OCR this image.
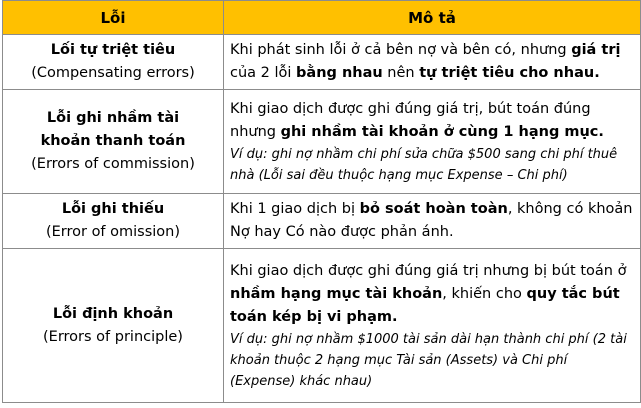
Lỗi	Mô tả

Lối tự triệt tiêu
(Compensating errors)	Khi phát sinh lỗi ở cả bên nợ và bên có, nhưng giá trị của 2 lỗi bằng nhau nên tự triệt tiêu cho nhau.

Lỗi ghi nhầm tài khoản thanh toán
(Errors of commission)	Khi giao dịch được ghi đúng giá trị, bút toán đúng nhưng ghi nhầm tài khoản ở cùng 1 hạng mục.
Ví dụ: ghi nợ nhầm chi phí sửa chữa $500 sang chi phí thuê nhà (Lỗi sai đều thuộc hạng mục Expense – Chi phí)

Lỗi ghi thiếu
(Error of omission)	Khi 1 giao dịch bị bỏ soát hoàn toàn, không có khoản Nợ hay Có nào được phản ánh.

Lỗi định khoản
(Errors of principle)	Khi giao dịch được ghi đúng giá trị nhưng bị bút toán ở nhầm hạng mục tài khoản, khiến cho quy tắc bút toán kép bị vi phạm.
Ví dụ: ghi nợ nhầm $1000 tài sản dài hạn thành chi phí (2 tài khoản thuộc 2 hạng mục Tài sản (Assets) và Chi phí (Expense) khác nhau)
